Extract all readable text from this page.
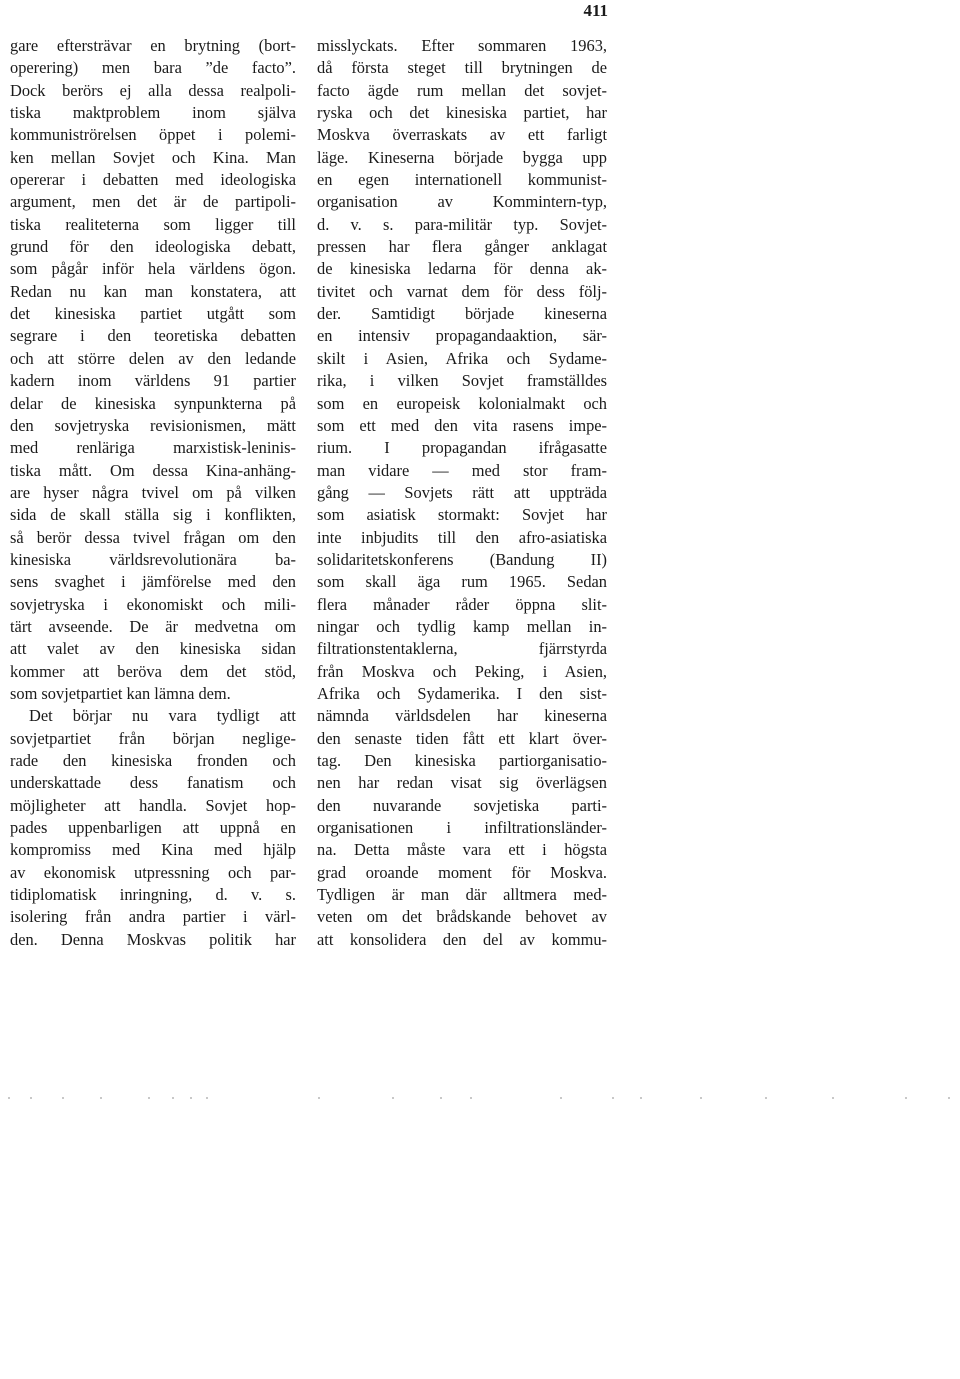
411
gare eftersträvar en brytning (bort-
operering) men bara ”de facto”.
Dock berörs ej alla dessa realpoli-
tiska maktproblem inom själva
kommuniströrelsen öppet i polemi-
ken mellan Sovjet och Kina. Man
opererar i debatten med ideologiska
argument, men det är de partipoli-
tiska realiteterna som ligger till
grund för den ideologiska debatt,
som pågår inför hela världens ögon.
Redan nu kan man konstatera, att
det kinesiska partiet utgått som
segrare i den teoretiska debatten
och att större delen av den ledande
kadern inom världens 91 partier
delar de kinesiska synpunkterna på
den sovjetryska revisionismen, mätt
med renläriga marxistisk-leninis-
tiska mått. Om dessa Kina-anhäng-
are hyser några tvivel om på vilken
sida de skall ställa sig i konflikten,
så berör dessa tvivel frågan om den
kinesiska världsrevolutionära ba-
sens svaghet i jämförelse med den
sovjetryska i ekonomiskt och mili-
tärt avseende. De är medvetna om
att valet av den kinesiska sidan
kommer att beröva dem det stöd,
som sovjetpartiet kan lämna dem.
Det börjar nu vara tydligt att
sovjetpartiet från början neglige-
rade den kinesiska fronden och
underskattade dess fanatism och
möjligheter att handla. Sovjet hop-
pades uppenbarligen att uppnå en
kompromiss med Kina med hjälp
av ekonomisk utpressning och par-
tidiplomatisk inringning, d. v. s.
isolering från andra partier i värl-
den. Denna Moskvas politik har
misslyckats. Efter sommaren 1963,
då första steget till brytningen de
facto ägde rum mellan det sovjet-
ryska och det kinesiska partiet, har
Moskva överraskats av ett farligt
läge. Kineserna började bygga upp
en egen internationell kommunist-
organisation av Kommintern-typ,
d. v. s. para-militär typ. Sovjet-
pressen har flera gånger anklagat
de kinesiska ledarna för denna ak-
tivitet och varnat dem för dess följ-
der. Samtidigt började kineserna
en intensiv propagandaaktion, sär-
skilt i Asien, Afrika och Sydame-
rika, i vilken Sovjet framställdes
som en europeisk kolonialmakt och
som ett med den vita rasens impe-
rium. I propagandan ifrågasatte
man vidare — med stor fram-
gång — Sovjets rätt att uppträda
som asiatisk stormakt: Sovjet har
inte inbjudits till den afro-asiatiska
solidaritetskonferens (Bandung II)
som skall äga rum 1965. Sedan
flera månader råder öppna slit-
ningar och tydlig kamp mellan in-
filtrationstentaklerna, fjärrstyrda
från Moskva och Peking, i Asien,
Afrika och Sydamerika. I den sist-
nämnda världsdelen har kineserna
den senaste tiden fått ett klart över-
tag. Den kinesiska partiorganisatio-
nen har redan visat sig överlägsen
den nuvarande sovjetiska parti-
organisationen i infiltrationsländer-
na. Detta måste vara ett i högsta
grad oroande moment för Moskva.
Tydligen är man där alltmera med-
veten om det brådskande behovet av
att konsolidera den del av kommu-
